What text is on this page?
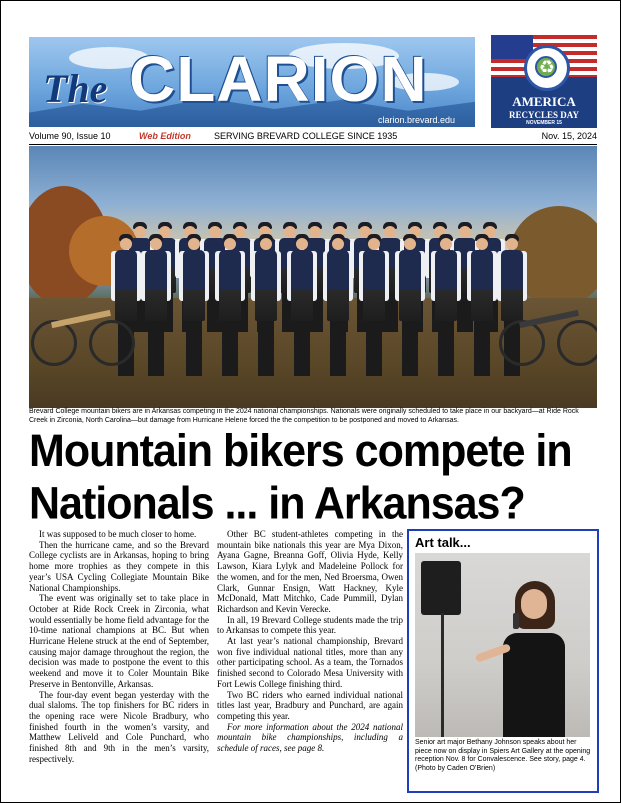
The CLARION
clarion.brevard.edu
♻
AMERICA
RECYCLES DAY
NOVEMBER 15
Volume 90, Issue 10	Web Edition	SERVING BREVARD COLLEGE SINCE 1935	Nov. 15, 2024
Brevard College mountain bikers are in Arkansas competing in the 2024 national championships. Nationals were originally scheduled to take place in our backyard—at Ride Rock Creek in Zirconia, North Carolina—but damage from Hurricane Helene forced the the competition to be postponed and moved to Arkansas.
Mountain bikers compete in Nationals ... in Arkansas?

It was supposed to be much closer to home.

Then the hurricane came, and so the Brevard College cyclists are in Arkansas, hoping to bring home more trophies as they compete in this year’s USA Cycling Collegiate Mountain Bike National Championships.

The event was originally set to take place in October at Ride Rock Creek in Zirconia, what would essentially be home field advantage for the 10-time national champions at BC. But when Hurricane Helene struck at the end of September, causing major damage throughout the region, the decision was made to postpone the event to this weekend and move it to Coler Mountain Bike Preserve in Bentonville, Arkansas.

The four-day event began yesterday with the dual slaloms. The top finishers for BC riders in the opening race were Nicole Bradbury, who finished fourth in the women’s varsity, and Matthew Leliveld and Cole Punchard, who finished 8th and 9th in the men’s varsity, respectively.

Other BC student-athletes competing in the mountain bike nationals this year are Mya Dixon, Ayana Gagne, Breanna Goff, Olivia Hyde, Kelly Lawson, Kiara Lylyk and Madeleine Pollock for the women, and for the men, Ned Broersma, Owen Clark, Gunnar Ensign, Watt Hackney, Kyle McDonald, Matt Mitchko, Cade Pummill, Dylan Richardson and Kevin Verecke.

In all, 19 Brevard College students made the trip to Arkansas to compete this year.

At last year’s national championship, Brevard won five individual national titles, more than any other participating school. As a team, the Tornados finished second to Colorado Mesa University with Fort Lewis College finishing third.

Two BC riders who earned individual national titles last year, Bradbury and Punchard, are again competing this year.

For more information about the 2024 national mountain bike championships, including a schedule of races, see page 8.

Art talk...
Senior art major Bethany Johnson speaks about her piece now on display in Spiers Art Gallery at the opening reception Nov. 8 for Convalescence. See story, page 4. (Photo by Caden O’Brien)
